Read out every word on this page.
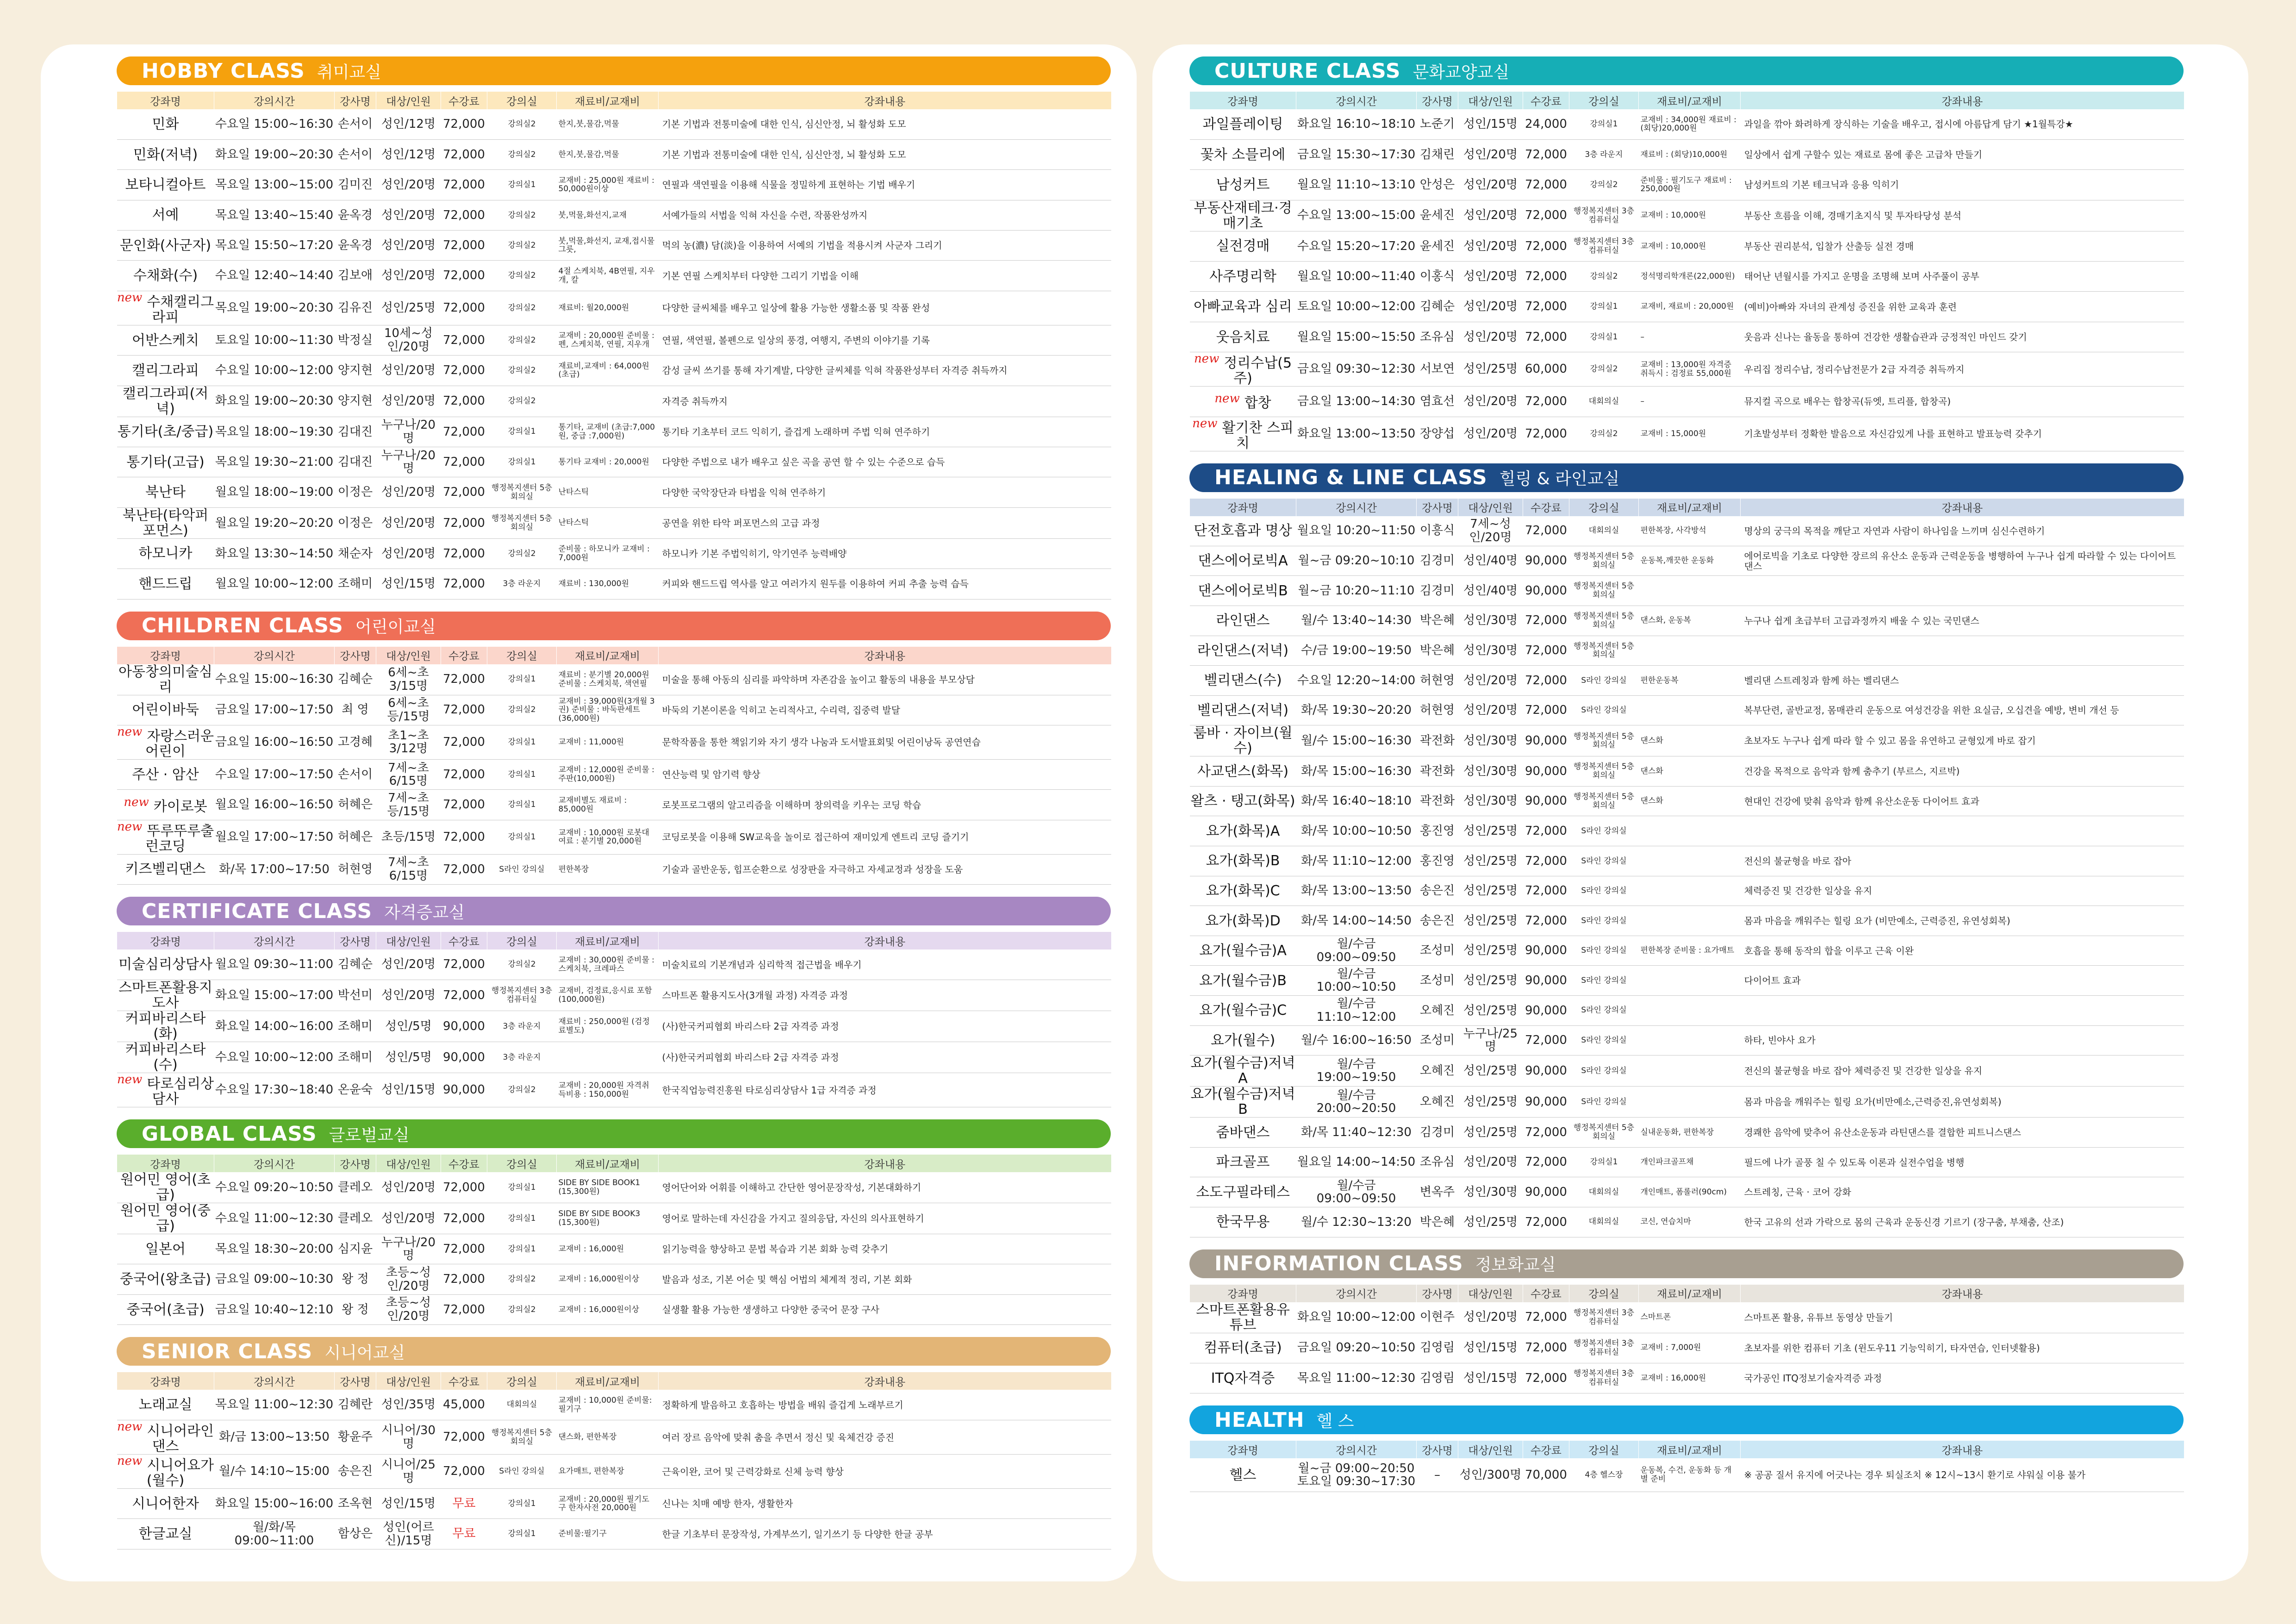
HOBBY CLASS 취미교실
강좌명	강의시간	강사명	대상/인원	수강료	강의실	재료비/교재비	강좌내용
민화	수요일 15:00~16:30	손서이	성인/12명	72,000	강의실2	한지,붓,물감,먹물	기본 기법과 전통미술에 대한 인식, 심신안정, 뇌 활성화 도모
민화(저녁)	화요일 19:00~20:30	손서이	성인/12명	72,000	강의실2	한지,붓,물감,먹물	기본 기법과 전통미술에 대한 인식, 심신안정, 뇌 활성화 도모
보타니컬아트	목요일 13:00~15:00	김미진	성인/20명	72,000	강의실1	교재비 : 25,000원 재료비 : 50,000원이상	연필과 색연필을 이용해 식물을 정밀하게 표현하는 기법 배우기
서예	목요일 13:40~15:40	윤옥경	성인/20명	72,000	강의실2	붓,먹물,화선지,교재	서예가들의 서법을 익혀 자신을 수련, 작품완성까지
문인화(사군자)	목요일 15:50~17:20	윤옥경	성인/20명	72,000	강의실2	붓,먹물,화선지, 교재,접시물그릇,	먹의 농(濃) 담(淡)을 이용하여 서예의 기법을 적용시켜 사군자 그리기
수채화(수)	수요일 12:40~14:40	김보애	성인/20명	72,000	강의실2	4절 스케치북, 4B연필, 지우개, 칼	기본 연필 스케치부터 다양한 그리기 기법을 이해
new 수채캘리그라피	목요일 19:00~20:30	김유진	성인/25명	72,000	강의실2	재료비: 월20,000원	다양한 글씨체를 배우고 일상에 활용 가능한 생활소품 및 작품 완성
어반스케치	토요일 10:00~11:30	박정실	10세~성인/20명	72,000	강의실2	교재비 : 20,000원 준비물 : 펜, 스케치북, 연필, 지우개	연필, 색연필, 볼펜으로 일상의 풍경, 여행지, 주변의 이야기를 기록
캘리그라피	수요일 10:00~12:00	양지현	성인/20명	72,000	강의실2	재료비,교재비 : 64,000원(초급)	감성 글씨 쓰기를 통해 자기계발, 다양한 글씨체를 익혀 작품완성부터 자격증 취득까지
캘리그라피(저녁)	화요일 19:00~20:30	양지현	성인/20명	72,000	강의실2		자격증 취득까지
통기타(초/중급)	목요일 18:00~19:30	김대진	누구나/20명	72,000	강의실1	통기타, 교재비 (초급:7,000원, 중급 :7,000원)	통기타 기초부터 코드 익히기, 즐겁게 노래하며 주법 익혀 연주하기
통기타(고급)	목요일 19:30~21:00	김대진	누구나/20명	72,000	강의실1	통기타 교재비 : 20,000원	다양한 주법으로 내가 배우고 싶은 곡을 공연 할 수 있는 수준으로 습득
북난타	월요일 18:00~19:00	이정은	성인/20명	72,000	행정복지센터 5층 회의실	난타스틱	다양한 국악장단과 타법을 익혀 연주하기
북난타(타악퍼포먼스)	월요일 19:20~20:20	이정은	성인/20명	72,000	행정복지센터 5층 회의실	난타스틱	공연을 위한 타악 퍼포먼스의 고급 과정
하모니카	화요일 13:30~14:50	채순자	성인/20명	72,000	강의실2	준비물 : 하모니카 교재비 : 7,000원	하모니카 기본 주법익히기, 악기연주 능력배양
핸드드립	월요일 10:00~12:00	조해미	성인/15명	72,000	3층 라운지	재료비 : 130,000원	커피와 핸드드립 역사를 알고 여러가지 원두를 이용하여 커피 추출 능력 습득
CHILDREN CLASS 어린이교실
강좌명	강의시간	강사명	대상/인원	수강료	강의실	재료비/교재비	강좌내용
아동창의미술심리	수요일 15:00~16:30	김혜순	6세~초3/15명	72,000	강의실1	재료비 : 분기별 20,000원 준비물 : 스케치북, 색연필	미술을 통해 아동의 심리를 파악하며 자존감을 높이고 활동의 내용을 부모상담
어린이바둑	금요일 17:00~17:50	최 영	6세~초등/15명	72,000	강의실2	교재비 : 39,000원(3개월 3권) 준비물 : 바둑판세트(36,000원)	바둑의 기본이론을 익히고 논리적사고, 수리력, 집중력 발달
new 자랑스러운 어린이	금요일 16:00~16:50	고경혜	초1~초3/12명	72,000	강의실1	교재비 : 11,000원	문학작품을 통한 책읽기와 자기 생각 나눔과 도서발표회및 어린이낭독 공연연습
주산 · 암산	수요일 17:00~17:50	손서이	7세~초6/15명	72,000	강의실1	교재비 : 12,000원 준비물 : 주판(10,000원)	연산능력 및 암기력 향상
new 카이로봇	월요일 16:00~16:50	허혜은	7세~초등/15명	72,000	강의실1	교재비별도 재료비 : 85,000원	로봇프로그램의 알고리즘을 이해하며 창의력을 키우는 코딩 학습
new 뚜루뚜루출런코딩	월요일 17:00~17:50	허혜은	초등/15명	72,000	강의실1	교재비 : 10,000원 로봇대여료 : 분기별 20,000원	코딩로봇을 이용해 SW교육을 놀이로 접근하여 재미있게 엔트리 코딩 즐기기
키즈벨리댄스	화/목 17:00~17:50	허현영	7세~초6/15명	72,000	S라인 강의실	편한복장	기술과 골반운동, 힙프순환으로 성장판을 자극하고 자세교정과 성장을 도움
CERTIFICATE CLASS 자격증교실
강좌명	강의시간	강사명	대상/인원	수강료	강의실	재료비/교재비	강좌내용
미술심리상담사	월요일 09:30~11:00	김혜순	성인/20명	72,000	강의실2	교재비 : 30,000원 준비물 : 스케치북, 크레파스	미술치료의 기본개념과 심리학적 접근법을 배우기
스마트폰활용지도사	화요일 15:00~17:00	박선미	성인/20명	72,000	행정복지센터 3층 컴퓨터실	교재비, 검정료,응시료 포함 (100,000원)	스마트폰 활용지도사(3개월 과정) 자격증 과정
커피바리스타(화)	화요일 14:00~16:00	조해미	성인/5명	90,000	3층 라운지	재료비 : 250,000원 (검정료별도)	(사)한국커피협회 바리스타 2급 자격증 과정
커피바리스타(수)	수요일 10:00~12:00	조해미	성인/5명	90,000	3층 라운지		(사)한국커피협회 바리스타 2급 자격증 과정
new 타로심리상담사	수요일 17:30~18:40	온윤숙	성인/15명	90,000	강의실2	교재비 : 20,000원 자격취득비용 : 150,000원	한국직업능력진흥원 타로심리상담사 1급 자격증 과정
GLOBAL CLASS 글로벌교실
강좌명	강의시간	강사명	대상/인원	수강료	강의실	재료비/교재비	강좌내용
원어민 영어(초급)	수요일 09:20~10:50	클레오	성인/20명	72,000	강의실1	SIDE BY SIDE BOOK1 (15,300원)	영어단어와 어휘를 이해하고 간단한 영어문장작성, 기본대화하기
원어민 영어(중급)	수요일 11:00~12:30	클레오	성인/20명	72,000	강의실1	SIDE BY SIDE BOOK3 (15,300원)	영어로 말하는데 자신감을 가지고 질의응답, 자신의 의사표현하기
일본어	목요일 18:30~20:00	심지윤	누구나/20명	72,000	강의실1	교재비 : 16,000원	읽기능력을 향상하고 문법 복습과 기본 회화 능력 갖추기
중국어(왕초급)	금요일 09:00~10:30	왕 정	초등~성인/20명	72,000	강의실2	교재비 : 16,000원이상	발음과 성조, 기본 어순 및 핵심 어법의 체계적 정리, 기본 회화
중국어(초급)	금요일 10:40~12:10	왕 정	초등~성인/20명	72,000	강의실2	교재비 : 16,000원이상	실생활 활용 가능한 생생하고 다양한 중국어 문장 구사
SENIOR CLASS 시니어교실
강좌명	강의시간	강사명	대상/인원	수강료	강의실	재료비/교재비	강좌내용
노래교실	목요일 11:00~12:30	김혜란	성인/35명	45,000	대회의실	교재비 : 10,000원 준비물:필기구	정확하게 발음하고 호흡하는 방법을 배워 즐겁게 노래부르기
new 시니어라인댄스	화/금 13:00~13:50	황윤주	시니어/30명	72,000	행정복지센터 5층 회의실	댄스화, 편한복장	여러 장르 음악에 맞춰 춤을 추면서 정신 및 육체건강 증진
new 시니어요가(월수)	월/수 14:10~15:00	송은진	시니어/25명	72,000	S라인 강의실	요가매트, 편한복장	근육이완, 코어 및 근력강화로 신체 능력 향상
시니어한자	화요일 15:00~16:00	조옥현	성인/15명	무료	강의실1	교재비 : 20,000원 필기도구 한자사전 20,000원	신나는 치매 예방 한자, 생활한자
한글교실	월/화/목 09:00~11:00	함상은	성인(어르신)/15명	무료	강의실1	준비물:필기구	한글 기초부터 문장작성, 가계부쓰기, 일기쓰기 등 다양한 한글 공부
CULTURE CLASS 문화교양교실
강좌명	강의시간	강사명	대상/인원	수강료	강의실	재료비/교재비	강좌내용
과일플레이팅	화요일 16:10~18:10	노준기	성인/15명	24,000	강의실1	교재비 : 34,000원 재료비 : (회당)20,000원	과일을 깎아 화려하게 장식하는 기술을 배우고, 접시에 아름답게 담기 ★1월특강★
꽃차 소믈리에	금요일 15:30~17:30	김채린	성인/20명	72,000	3층 라운지	재료비 : (회당)10,000원	일상에서 쉽게 구할수 있는 재료로 몸에 좋은 고급차 만들기
남성커트	월요일 11:10~13:10	안성은	성인/20명	72,000	강의실2	준비물 : 필기도구 재료비 : 250,000원	남성커트의 기본 테크닉과 응용 익히기
부동산재테크·경매기초	수요일 13:00~15:00	윤세진	성인/20명	72,000	행정복지센터 3층 컴퓨터실	교재비 : 10,000원	부동산 흐름을 이해, 경매기초지식 및 투자타당성 분석
실전경매	수요일 15:20~17:20	윤세진	성인/20명	72,000	행정복지센터 3층 컴퓨터실	교재비 : 10,000원	부동산 권리분석, 입찰가 산출등 실전 경매
사주명리학	월요일 10:00~11:40	이홍식	성인/20명	72,000	강의실2	정석명리학개론(22,000원)	태어난 년월시를 가지고 운명을 조명해 보며 사주풀이 공부
아빠교육과 심리	토요일 10:00~12:00	김혜순	성인/20명	72,000	강의실1	교재비, 재료비 : 20,000원	(예비)아빠와 자녀의 관계성 증진을 위한 교육과 훈련
웃음치료	월요일 15:00~15:50	조유심	성인/20명	72,000	강의실1	–	웃음과 신나는 율동을 통하여 건강한 생활습관과 긍정적인 마인드 갖기
new 정리수납(5주)	금요일 09:30~12:30	서보연	성인/25명	60,000	강의실2	교재비 : 13,000원 자격증취득시 : 검정료 55,000원	우리집 정리수납, 정리수납전문가 2급 자격증 취득까지
new 합창	금요일 13:00~14:30	염효선	성인/20명	72,000	대회의실	–	뮤지컬 곡으로 배우는 합창곡(듀엣, 트리플, 합창곡)
new 활기찬 스피치	화요일 13:00~13:50	장양섭	성인/20명	72,000	강의실2	교재비 : 15,000원	기초발성부터 정확한 발음으로 자신감있게 나를 표현하고 발표능력 갖추기
HEALING & LINE CLASS 힐링 & 라인교실
강좌명	강의시간	강사명	대상/인원	수강료	강의실	재료비/교재비	강좌내용
단전호흡과 명상	월요일 10:20~11:50	이흥식	7세~성인/20명	72,000	대회의실	편한복장, 사각방석	명상의 궁극의 목적을 깨닫고 자연과 사람이 하나임을 느끼며 심신수련하기
댄스에어로빅A	월~금 09:20~10:10	김경미	성인/40명	90,000	행정복지센터 5층 회의실	운동복,깨끗한 운동화	에어로빅을 기초로 다양한 장르의 유산소 운동과 근력운동을 병행하여 누구나 쉽게 따라할 수 있는 다이어트 댄스
댄스에어로빅B	월~금 10:20~11:10	김경미	성인/40명	90,000	행정복지센터 5층 회의실		
라인댄스	월/수 13:40~14:30	박은혜	성인/30명	72,000	행정복지센터 5층 회의실	댄스화, 운동복	누구나 쉽게 초급부터 고급과정까지 배울 수 있는 국민댄스
라인댄스(저녁)	수/금 19:00~19:50	박은혜	성인/30명	72,000	행정복지센터 5층 회의실		
벨리댄스(수)	수요일 12:20~14:00	허현영	성인/20명	72,000	S라인 강의실	편한운동복	벨리댄 스트레칭과 함께 하는 벨리댄스
벨리댄스(저녁)	화/목 19:30~20:20	허현영	성인/20명	72,000	S라인 강의실		복부단련, 골반교정, 몸매관리 운동으로 여성건강을 위한 요실금, 오십견을 예방, 변비 개선 등
룸바 · 자이브(월수)	월/수 15:00~16:30	곽전화	성인/30명	90,000	행정복지센터 5층 회의실	댄스화	초보자도 누구나 쉽게 따라 할 수 있고 몸을 유연하고 균형있게 바로 잡기
사교댄스(화목)	화/목 15:00~16:30	곽전화	성인/30명	90,000	행정복지센터 5층 회의실	댄스화	건강을 목적으로 음악과 함께 춤추기 (부르스, 지르박)
왈츠 · 탱고(화목)	화/목 16:40~18:10	곽전화	성인/30명	90,000	행정복지센터 5층 회의실	댄스화	현대인 건강에 맞춰 음악과 함께 유산소운동 다이어트 효과
요가(화목)A	화/목 10:00~10:50	홍진영	성인/25명	72,000	S라인 강의실		
요가(화목)B	화/목 11:10~12:00	홍진영	성인/25명	72,000	S라인 강의실		전신의 불균형을 바로 잡아
요가(화목)C	화/목 13:00~13:50	송은진	성인/25명	72,000	S라인 강의실		체력증진 및 건강한 일상을 유지
요가(화목)D	화/목 14:00~14:50	송은진	성인/25명	72,000	S라인 강의실		몸과 마음을 깨워주는 힐링 요가 (비만예소, 근력증진, 유연성회복)
요가(월수금)A	월/수금 09:00~09:50	조성미	성인/25명	90,000	S라인 강의실	편한복장 준비물 : 요가매트	호흡을 통해 동작의 합을 이루고 근육 이완
요가(월수금)B	월/수금 10:00~10:50	조성미	성인/25명	90,000	S라인 강의실		다이어트 효과
요가(월수금)C	월/수금 11:10~12:00	오혜진	성인/25명	90,000	S라인 강의실		
요가(월수)	월/수 16:00~16:50	조성미	누구나/25명	72,000	S라인 강의실		하타, 빈야사 요가
요가(월수금)저녁A	월/수금 19:00~19:50	오혜진	성인/25명	90,000	S라인 강의실		전신의 불균형을 바로 잡아 체력증진 및 건강한 일상을 유지
요가(월수금)저녁B	월/수금 20:00~20:50	오혜진	성인/25명	90,000	S라인 강의실		몸과 마음을 깨워주는 힐링 요가(비만예소,근력증진,유연성회복)
줌바댄스	화/목 11:40~12:30	김경미	성인/25명	72,000	행정복지센터 5층 회의실	실내운동화, 편한복장	경쾌한 음악에 맞추어 유산소운동과 라틴댄스를 결합한 피트니스댄스
파크골프	월요일 14:00~14:50	조유심	성인/20명	72,000	강의실1	개인파크골프채	필드에 나가 골풍 칠 수 있도록 이론과 실전수업을 병행
소도구필라테스	월/수금 09:00~09:50	변옥주	성인/30명	90,000	대회의실	개인매트, 폼롤러(90cm)	스트레칭, 근육 · 코어 강화
한국무용	월/수 12:30~13:20	박은혜	성인/25명	72,000	대회의실	코신, 연습치마	한국 고유의 선과 가락으로 몸의 근육과 운동신경 기르기 (장구춤, 부채춤, 산조)
INFORMATION CLASS 정보화교실
강좌명	강의시간	강사명	대상/인원	수강료	강의실	재료비/교재비	강좌내용
스마트폰활용유튜브	화요일 10:00~12:00	이현주	성인/20명	72,000	행정복지센터 3층 컴퓨터실	스마트폰	스마트폰 활용, 유튜브 동영상 만들기
컴퓨터(초급)	금요일 09:20~10:50	김영림	성인/15명	72,000	행정복지센터 3층 컴퓨터실	교재비 : 7,000원	초보자를 위한 컴퓨터 기초 (윈도우11 기능익히기, 타자연습, 인터넷활용)
ITQ자격증	목요일 11:00~12:30	김영림	성인/15명	72,000	행정복지센터 3층 컴퓨터실	교재비 : 16,000원	국가공인 ITQ정보기술자격증 과정
HEALTH 헬 스
강좌명	강의시간	강사명	대상/인원	수강료	강의실	재료비/교재비	강좌내용
헬스	월~금 09:00~20:50 토요일 09:30~17:30	–	성인/300명	70,000	4층 헬스장	운동복, 수건, 운동화 등 개별 준비	※ 공공 질서 유지에 어긋나는 경우 퇴실조치 ※ 12시~13시 환기로 샤워실 이용 불가
